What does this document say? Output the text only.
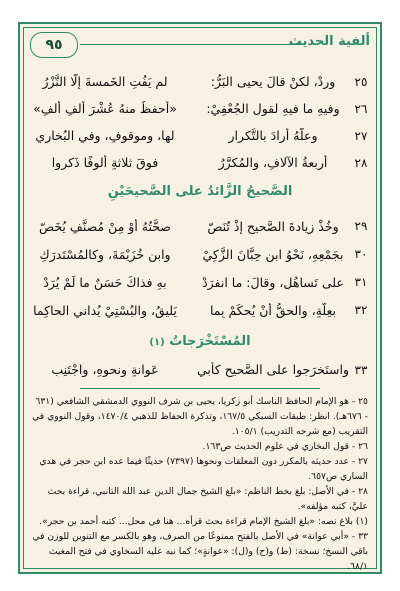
٩٥	ألفية الحديث
٢٥
وردْ، لكنْ قالَ يحيى البَرُّ:
لم يَفُتِ الخَمسةَ إلَّا النَّزْرُ
٢٦
وفيهِ ما فيهِ لقولِ الجُعْفِيْ:
«أَحفظُ منهُ عُشْرَ ألفِ ألفِ»
٢٧
وعلَّهُ أرادَ بالتَّكرارِ
لها، وموقوفٍ، وفي البُخاري
٢٨
أربعةُ الآلافِ، والمُكرَّرُ
فوقَ ثلاثةٍ أُلوفًا ذَكروا
الصَّحيحُ الزَّائدُ على الصَّحيحَيْنِ
٢٩
وخُذْ زيادةَ الصَّحيحِ إذْ تُنَصّ
صحَّتُهُ أوْ مِنْ مُصنَّفٍ يُخَصّ
٣٠
بجَمْعِهِ، نَحْوُ ابنِ حِبَّانَ الزَّكِيْ
وابنِ خُزَيْمَةَ، وكالمُسْتَدرَكِ
٣١
على تَساهُلٍ، وقالَ: ما انفرَدْ
بهِ فذاكَ حَسَنٌ ما لَمْ يُرَدْ
٣٢
بعِلَّةٍ، والحقُّ أنْ يُحكَمْ بِما
يَليقُ، والبُسْتِيْ يُداني الحاكِما
المُسْتَخْرَجاتُ (١)
٣٣
واستَخرَجوا على الصَّحيحِ كأبي
عَوانةٍ ونحوِهِ، واجْتَنِبِ

٢٥ - هو الإمام الحافظ الناسك أبو زكريا، يحيى بن شرف النووي الدمشقي الشافعي (٦٣١ - ٦٧٦هـ). انظر: طبقات السبكي ١٦٧/٥، وتذكرة الحفاظ للذهبي ١٤٧٠/٤، وقول النووي في التقريب (مع شرحه التدريب) ١٠٥/١.

٢٦ - قول البخاري في علوم الحديث ص١٦٣.

٢٧ - عدد حديثه بالمكرر دون المعلقات ونحوها (٧٣٩٧) حديثًا فيما عده ابن حجر في هدي الساري ص٦٥٧.

٢٨ - في الأصل: بلغ بخط الناظم: «بلغ الشيخ جمال الدين عبد الله التانبي، قراءة بحث عليَّ، كتبه مؤلفه».

(١) بلاغ نصه: «بلغ الشيخ الإمام قراءة بحث قرأه... هنا في محل... كتبه أحمد بن حجر».

٣٣ - «أبي عوانة» في الأصل بالفتح ممنوعًا من الصرف، وهو بالكسر مع التنوين للوزن في باقي النسخ؛ نسخة: (ط) و(ح) و(ل): «عوانةٍ»؛ كما نبه عليه السخاوي في فتح المغيث ٦٨/١.
